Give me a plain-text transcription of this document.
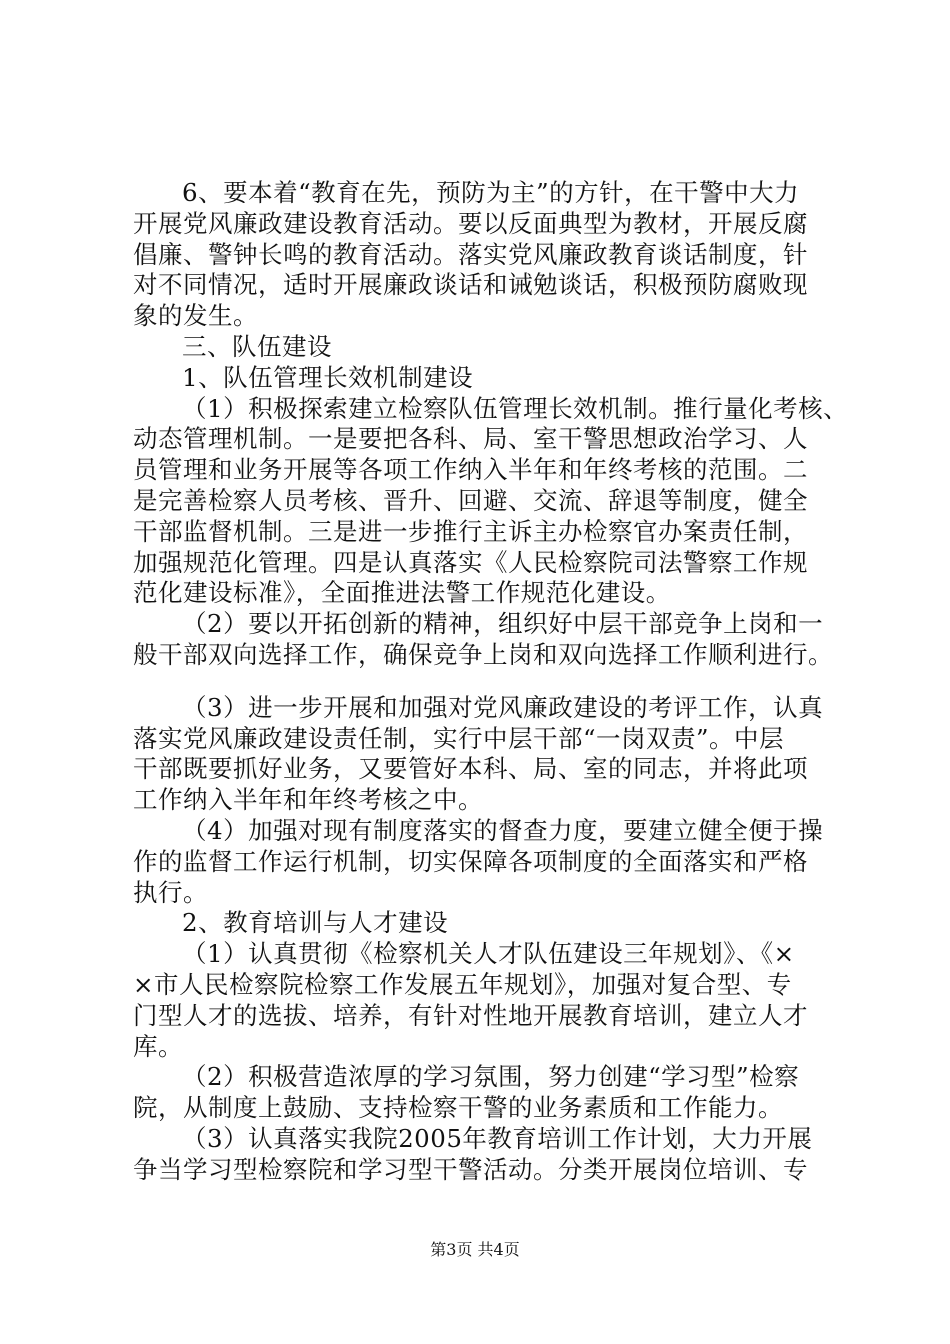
6、要本着“教育在先，预防为主”的方针，在干警中大力
开展党风廉政建设教育活动。要以反面典型为教材，开展反腐
倡廉、警钟长鸣的教育活动。落实党风廉政教育谈话制度，针
对不同情况，适时开展廉政谈话和诫勉谈话，积极预防腐败现
象的发生。
三、队伍建设
1、队伍管理长效机制建设
（1）积极探索建立检察队伍管理长效机制。推行量化考核、
动态管理机制。一是要把各科、局、室干警思想政治学习、人
员管理和业务开展等各项工作纳入半年和年终考核的范围。二
是完善检察人员考核、晋升、回避、交流、辞退等制度，健全
干部监督机制。三是进一步推行主诉主办检察官办案责任制，
加强规范化管理。四是认真落实《人民检察院司法警察工作规
范化建设标准》，全面推进法警工作规范化建设。
（2）要以开拓创新的精神，组织好中层干部竞争上岗和一
般干部双向选择工作，确保竞争上岗和双向选择工作顺利进行。
（3）进一步开展和加强对党风廉政建设的考评工作，认真
落实党风廉政建设责任制，实行中层干部“一岗双责”。中层
干部既要抓好业务，又要管好本科、局、室的同志，并将此项
工作纳入半年和年终考核之中。
（4）加强对现有制度落实的督查力度，要建立健全便于操
作的监督工作运行机制，切实保障各项制度的全面落实和严格
执行。
2、教育培训与人才建设
（1）认真贯彻《检察机关人才队伍建设三年规划》、《×
×市人民检察院检察工作发展五年规划》，加强对复合型、专
门型人才的选拔、培养，有针对性地开展教育培训，建立人才
库。
（2）积极营造浓厚的学习氛围，努力创建“学习型”检察
院，从制度上鼓励、支持检察干警的业务素质和工作能力。
（3）认真落实我院2005年教育培训工作计划，大力开展
争当学习型检察院和学习型干警活动。分类开展岗位培训、专
第3页 共4页
